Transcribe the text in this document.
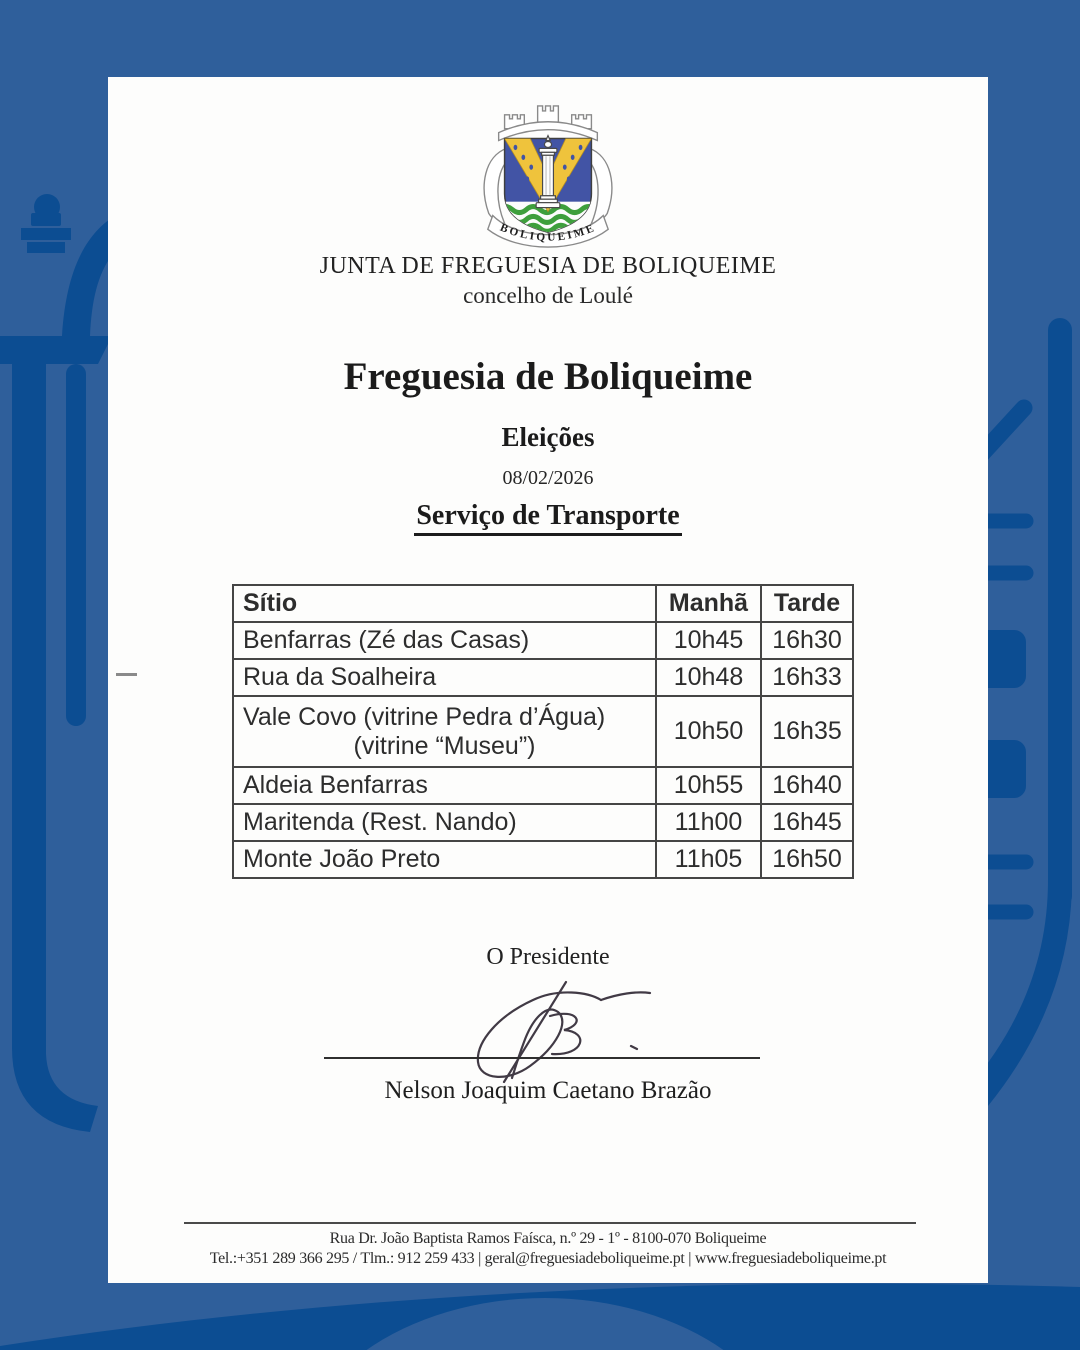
BOLIQUEIME
JUNTA DE FREGUESIA DE BOLIQUEIME
concelho de Loulé
Freguesia de Boliqueime
Eleições
08/02/2026
Serviço de Transporte
Sítio	Manhã	Tarde

Benfarras (Zé das Casas)	10h45	16h30

Rua da Soalheira	10h48	16h33

Vale Covo (vitrine Pedra d’Água)
(vitrine “Museu”)	10h50	16h35

Aldeia Benfarras	10h55	16h40

Maritenda (Rest. Nando)	11h00	16h45

Monte João Preto	11h05	16h50
O Presidente
Nelson Joaquim Caetano Brazão
Rua Dr. João Baptista Ramos Faísca, n.º 29 - 1º - 8100-070 Boliqueime
Tel.:+351 289 366 295 / Tlm.: 912 259 433 | geral@freguesiadeboliqueime.pt | www.freguesiadeboliqueime.pt
